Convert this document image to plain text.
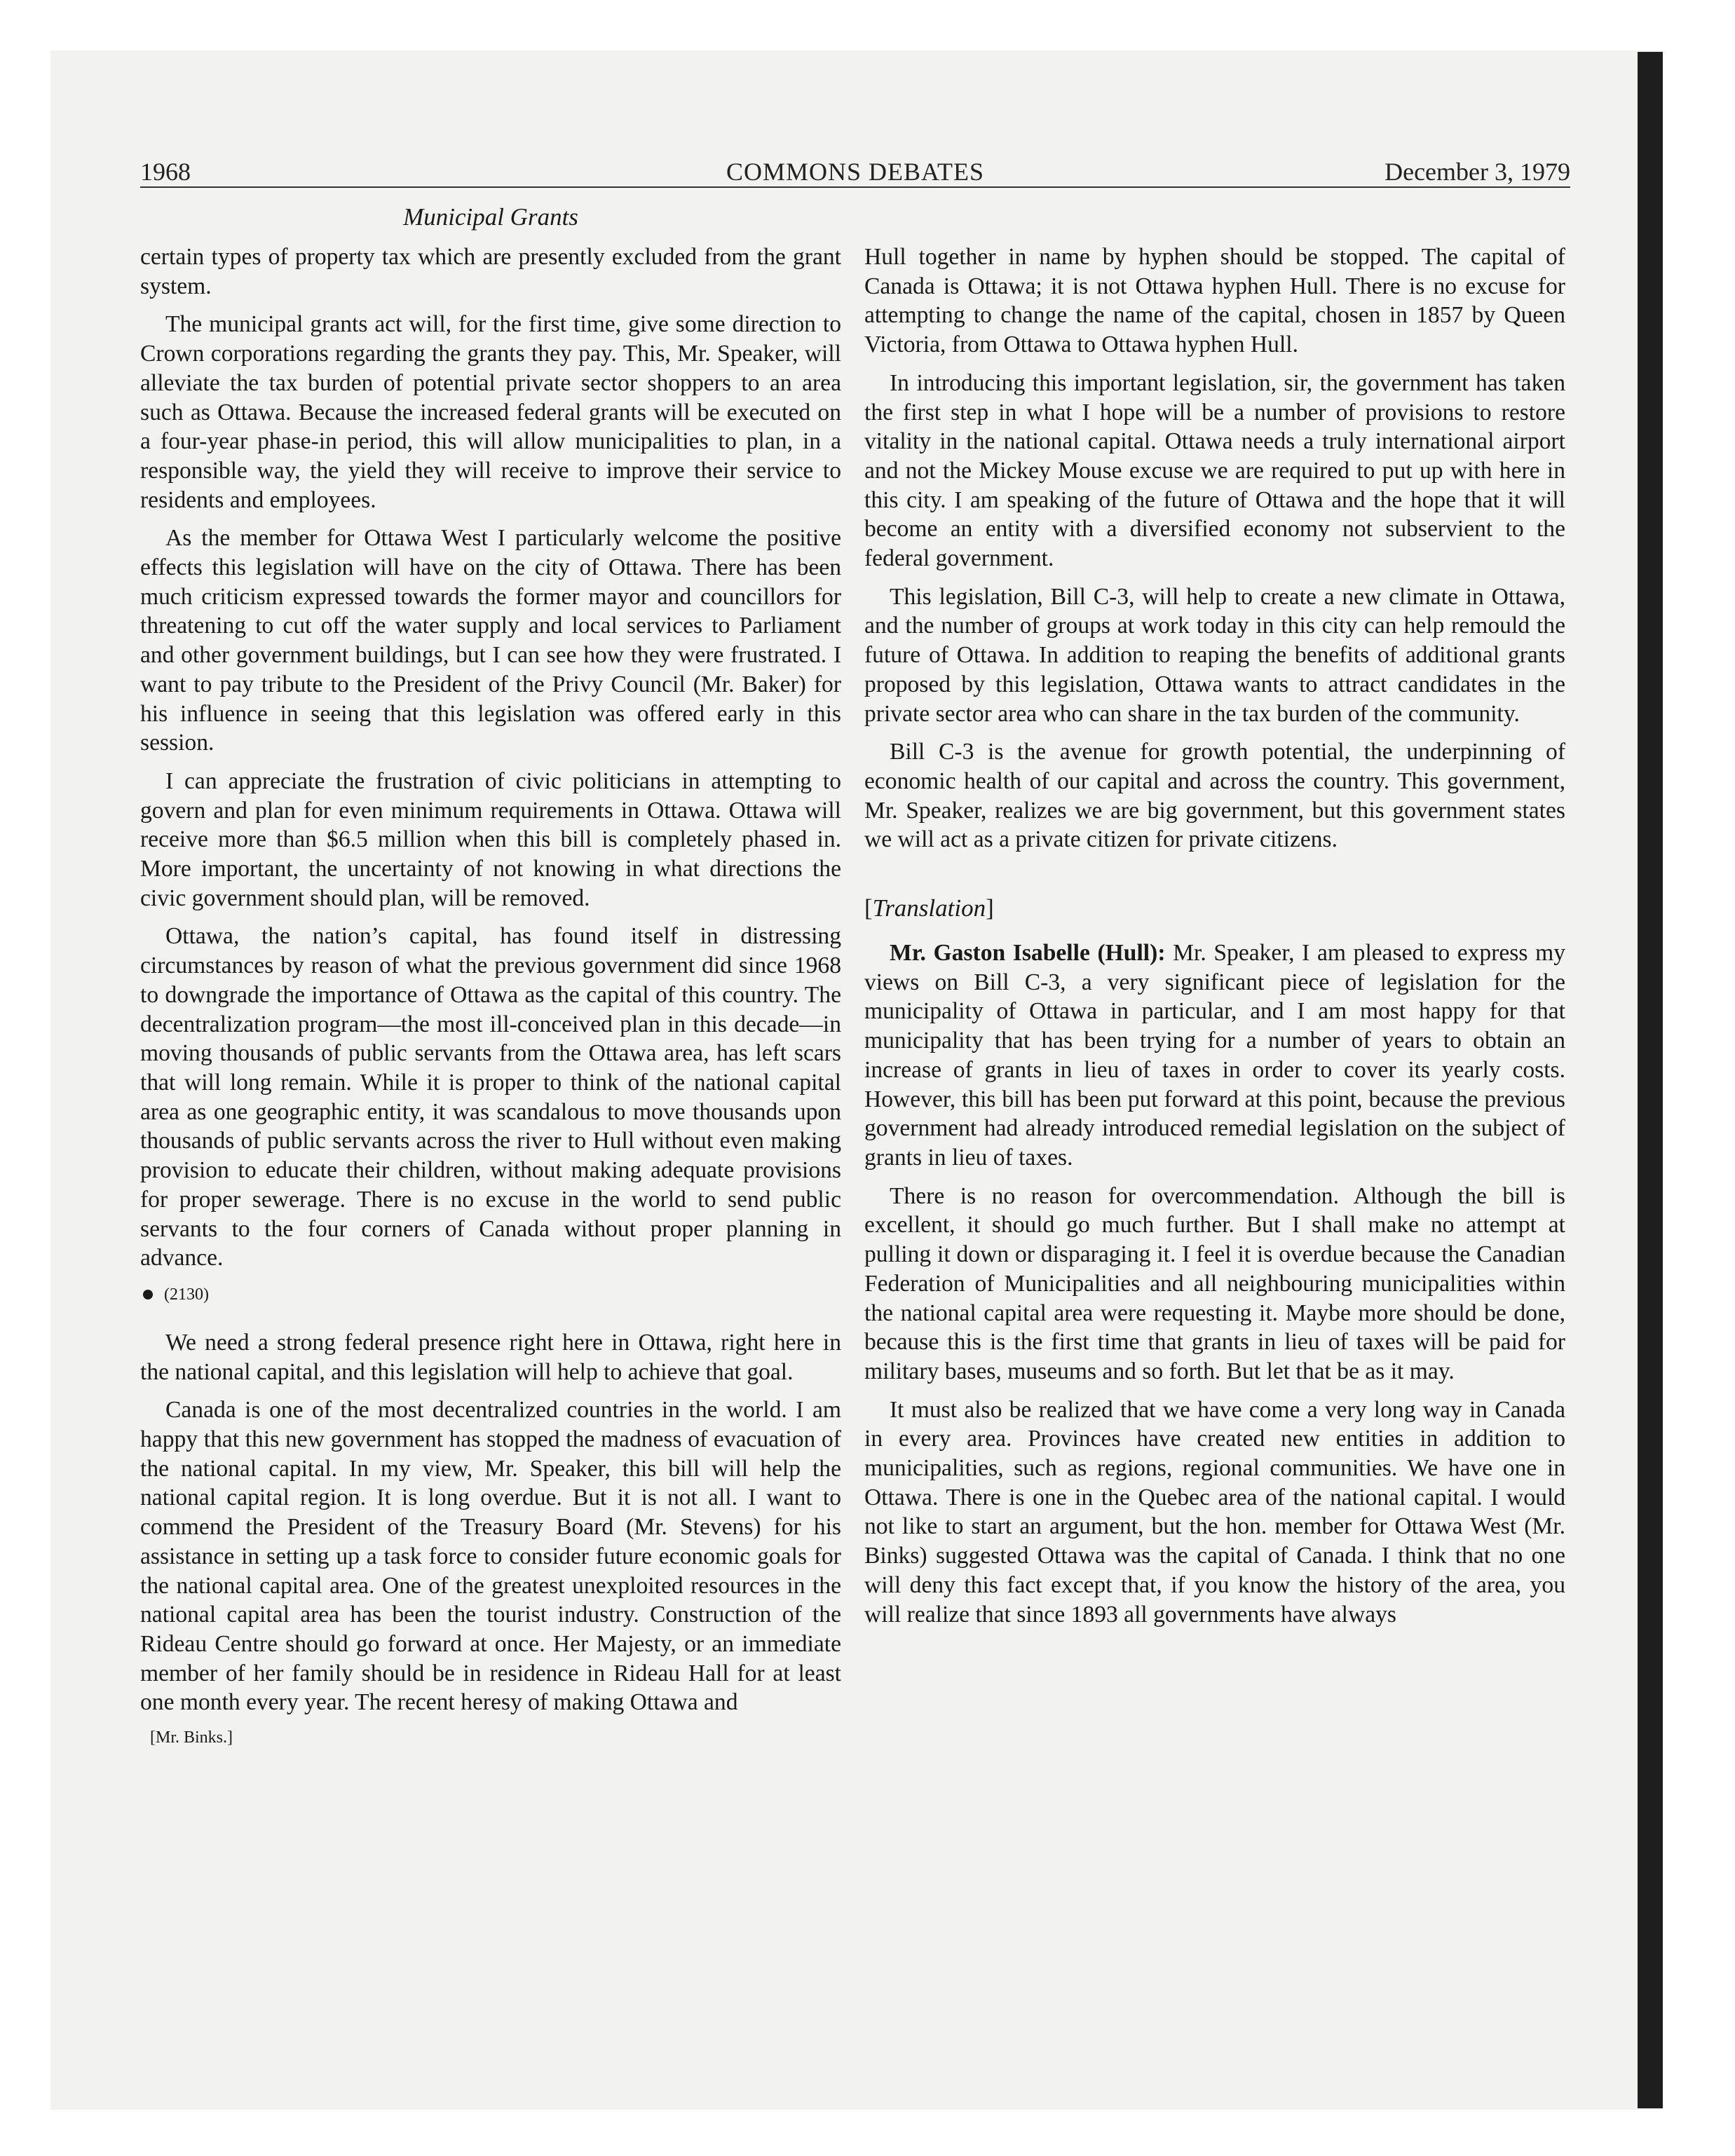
1968	COMMONS DEBATES	December 3, 1979
Municipal Grants

certain types of property tax which are presently excluded from the grant system.

The municipal grants act will, for the first time, give some direction to Crown corporations regarding the grants they pay. This, Mr. Speaker, will alleviate the tax burden of potential private sector shoppers to an area such as Ottawa. Because the increased federal grants will be executed on a four-year phase-in period, this will allow municipalities to plan, in a responsible way, the yield they will receive to improve their service to residents and employees.

As the member for Ottawa West I particularly welcome the positive effects this legislation will have on the city of Ottawa. There has been much criticism expressed towards the former mayor and councillors for threatening to cut off the water supply and local services to Parliament and other government buildings, but I can see how they were frustrated. I want to pay tribute to the President of the Privy Council (Mr. Baker) for his influence in seeing that this legislation was offered early in this session.

I can appreciate the frustration of civic politicians in attempting to govern and plan for even minimum requirements in Ottawa. Ottawa will receive more than $6.5 million when this bill is completely phased in. More important, the uncertainty of not knowing in what directions the civic government should plan, will be removed.

Ottawa, the nation’s capital, has found itself in distressing circumstances by reason of what the previous government did since 1968 to downgrade the importance of Ottawa as the capital of this country. The decentralization program—the most ill-conceived plan in this decade—in moving thousands of public servants from the Ottawa area, has left scars that will long remain. While it is proper to think of the national capital area as one geographic entity, it was scandalous to move thousands upon thousands of public servants across the river to Hull without even making provision to educate their children, without making adequate provisions for proper sewerage. There is no excuse in the world to send public servants to the four corners of Canada without proper planning in advance.

(2130)

We need a strong federal presence right here in Ottawa, right here in the national capital, and this legislation will help to achieve that goal.

Canada is one of the most decentralized countries in the world. I am happy that this new government has stopped the madness of evacuation of the national capital. In my view, Mr. Speaker, this bill will help the national capital region. It is long overdue. But it is not all. I want to commend the President of the Treasury Board (Mr. Stevens) for his assistance in setting up a task force to consider future economic goals for the national capital area. One of the greatest unexploited resources in the national capital area has been the tourist industry. Construction of the Rideau Centre should go forward at once. Her Majesty, or an immediate member of her family should be in residence in Rideau Hall for at least one month every year. The recent heresy of making Ottawa and

[Mr. Binks.]

Hull together in name by hyphen should be stopped. The capital of Canada is Ottawa; it is not Ottawa hyphen Hull. There is no excuse for attempting to change the name of the capital, chosen in 1857 by Queen Victoria, from Ottawa to Ottawa hyphen Hull.

In introducing this important legislation, sir, the government has taken the first step in what I hope will be a number of provisions to restore vitality in the national capital. Ottawa needs a truly international airport and not the Mickey Mouse excuse we are required to put up with here in this city. I am speaking of the future of Ottawa and the hope that it will become an entity with a diversified economy not subservient to the federal government.

This legislation, Bill C-3, will help to create a new climate in Ottawa, and the number of groups at work today in this city can help remould the future of Ottawa. In addition to reaping the benefits of additional grants proposed by this legislation, Ottawa wants to attract candidates in the private sector area who can share in the tax burden of the community.

Bill C-3 is the avenue for growth potential, the underpinning of economic health of our capital and across the country. This government, Mr. Speaker, realizes we are big government, but this government states we will act as a private citizen for private citizens.

[Translation]

Mr. Gaston Isabelle (Hull): Mr. Speaker, I am pleased to express my views on Bill C-3, a very significant piece of legislation for the municipality of Ottawa in particular, and I am most happy for that municipality that has been trying for a number of years to obtain an increase of grants in lieu of taxes in order to cover its yearly costs. However, this bill has been put forward at this point, because the previous government had already introduced remedial legislation on the subject of grants in lieu of taxes.

There is no reason for overcommendation. Although the bill is excellent, it should go much further. But I shall make no attempt at pulling it down or disparaging it. I feel it is overdue because the Canadian Federation of Municipalities and all neighbouring municipalities within the national capital area were requesting it. Maybe more should be done, because this is the first time that grants in lieu of taxes will be paid for military bases, museums and so forth. But let that be as it may.

It must also be realized that we have come a very long way in Canada in every area. Provinces have created new entities in addition to municipalities, such as regions, regional communities. We have one in Ottawa. There is one in the Quebec area of the national capital. I would not like to start an argument, but the hon. member for Ottawa West (Mr. Binks) suggested Ottawa was the capital of Canada. I think that no one will deny this fact except that, if you know the history of the area, you will realize that since 1893 all governments have always
